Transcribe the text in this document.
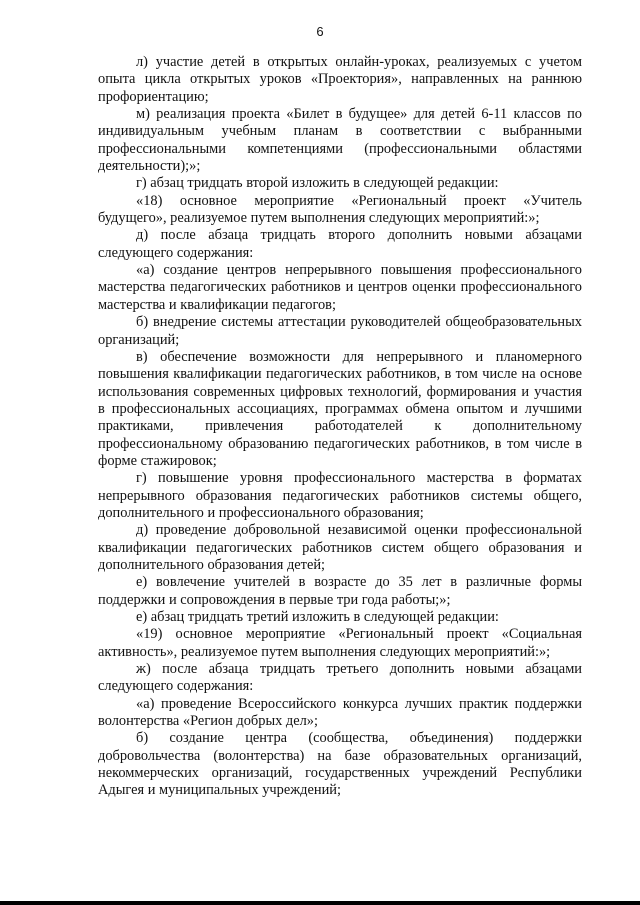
6

л) участие детей в открытых онлайн-уроках, реализуемых с учетом опыта цикла открытых уроков «Проектория», направленных на раннюю профориентацию;

м) реализация проекта «Билет в будущее» для детей 6-11 классов по индивидуальным учебным планам в соответствии с выбранными профессиональными компетенциями (профессиональными областями деятельности);»;

г) абзац тридцать второй изложить в следующей редакции:

«18) основное мероприятие «Региональный проект «Учитель будущего», реализуемое путем выполнения следующих мероприятий:»;

д) после абзаца тридцать второго дополнить новыми абзацами следующего содержания:

«а) создание центров непрерывного повышения профессионального мастерства педагогических работников и центров оценки профессионального мастерства и квалификации педагогов;

б) внедрение системы аттестации руководителей общеобразовательных организаций;

в) обеспечение возможности для непрерывного и планомерного повышения квалификации педагогических работников, в том числе на основе использования современных цифровых технологий, формирования и участия в профессиональных ассоциациях, программах обмена опытом и лучшими практиками, привлечения работодателей к дополнительному профессиональному образованию педагогических работников, в том числе в форме стажировок;

г) повышение уровня профессионального мастерства в форматах непрерывного образования педагогических работников системы общего, дополнительного и профессионального образования;

д) проведение добровольной независимой оценки профессиональной квалификации педагогических работников систем общего образования и дополнительного образования детей;

е) вовлечение учителей в возрасте до 35 лет в различные формы поддержки и сопровождения в первые три года работы;»;

е) абзац тридцать третий изложить в следующей редакции:

«19) основное мероприятие «Региональный проект «Социальная активность», реализуемое путем выполнения следующих мероприятий:»;

ж) после абзаца тридцать третьего дополнить новыми абзацами следующего содержания:

«а) проведение Всероссийского конкурса лучших практик поддержки волонтерства «Регион добрых дел»;

б) создание центра (сообщества, объединения) поддержки добровольчества (волонтерства) на базе образовательных организаций, некоммерческих организаций, государственных учреждений Республики Адыгея и муниципальных учреждений;
